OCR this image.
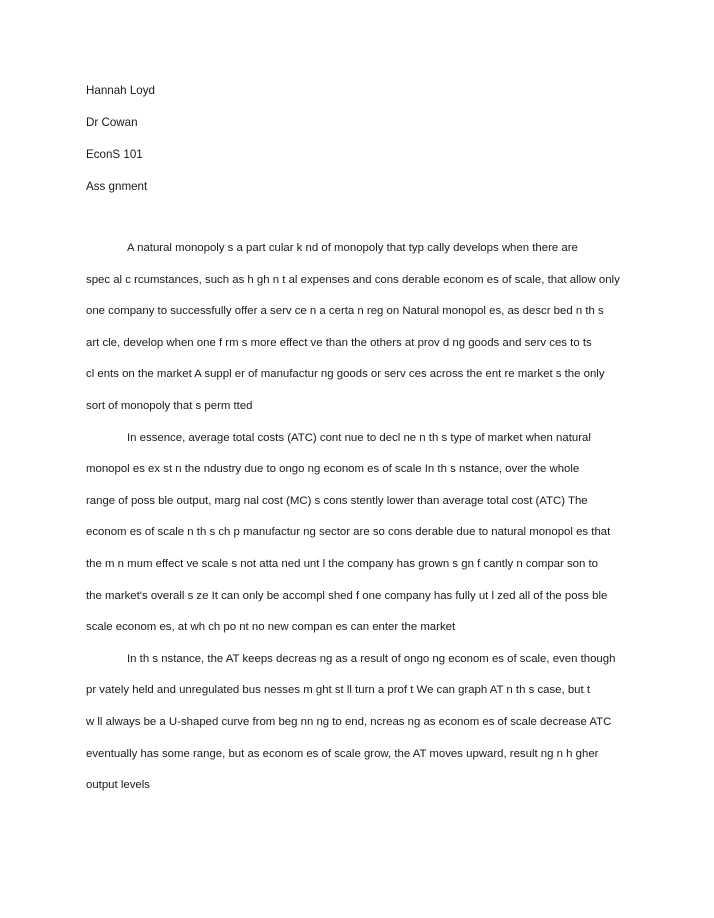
Hannah Loyd
Dr Cowan
EconS 101
Ass gnment
A natural monopoly s a part cular k nd of monopoly that typ cally develops when there are
spec al c rcumstances, such as h gh n t al expenses and cons derable econom es of scale, that allow only
one company to successfully offer a serv ce n a certa n reg on Natural monopol es, as descr bed n th s
art cle, develop when one f rm s more effect ve than the others at prov d ng goods and serv ces to ts
cl ents on the market A suppl er of manufactur ng goods or serv ces across the ent re market s the only
sort of monopoly that s perm tted
In essence, average total costs (ATC) cont nue to decl ne n th s type of market when natural
monopol es ex st n the ndustry due to ongo ng econom es of scale In th s nstance, over the whole
range of poss ble output, marg nal cost (MC) s cons stently lower than average total cost (ATC) The
econom es of scale n th s ch p manufactur ng sector are so cons derable due to natural monopol es that
the m n mum effect ve scale s not atta ned unt l the company has grown s gn f cantly n compar son to
the market's overall s ze It can only be accompl shed f one company has fully ut l zed all of the poss ble
scale econom es, at wh ch po nt no new compan es can enter the market
In th s nstance, the AT keeps decreas ng as a result of ongo ng econom es of scale, even though
pr vately held and unregulated bus nesses m ght st ll turn a prof t We can graph AT n th s case, but t
w ll always be a U-shaped curve from beg nn ng to end, ncreas ng as econom es of scale decrease ATC
eventually has some range, but as econom es of scale grow, the AT moves upward, result ng n h gher
output levels
